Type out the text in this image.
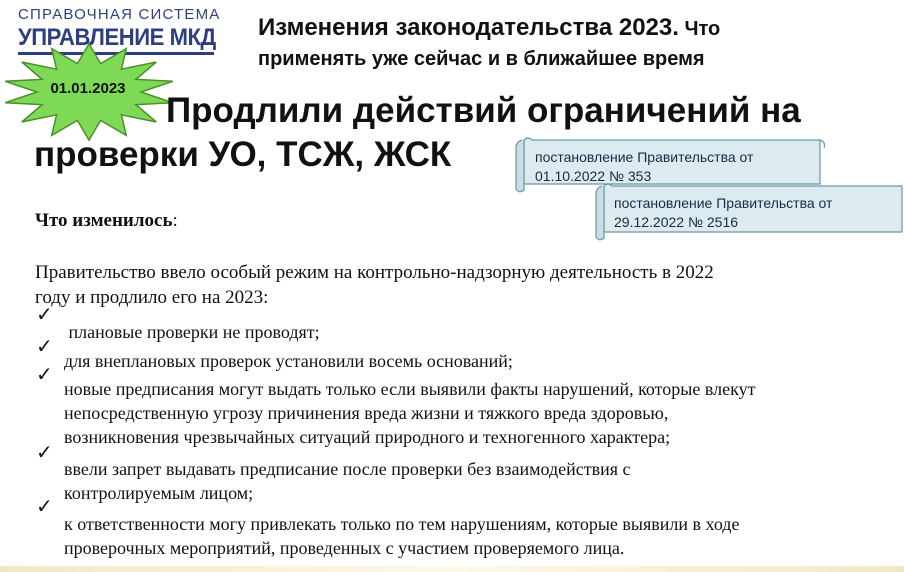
СПРАВОЧНАЯ СИСТЕМА
УПРАВЛЕНИЕ МКД Изменения законодательства 2023. Что
применять уже сейчас и в ближайшее время
01.01.2023
Продлили действий ограничений на
проверки УО, ТСЖ, ЖСК	постановление Правительства от
01.10.2022 № 353
постановление Правительства от
29.12.2022 № 2516
Что изменилось:
Правительство ввело особый режим на контрольно-надзорную деятельность в 2022
году и продлило его на 2023:
✓
✓
✓
✓
✓
плановые проверки не проводят;
для внеплановых проверок установили восемь оснований;
новые предписания могут выдать только если выявили факты нарушений, которые влекут
непосредственную угрозу причинения вреда жизни и тяжкого вреда здоровью,
возникновения чрезвычайных ситуаций природного и техногенного характера;
ввели запрет выдавать предписание после проверки без взаимодействия с
контролируемым лицом;
к ответственности могу привлекать только по тем нарушениям, которые выявили в ходе
проверочных мероприятий, проведенных с участием проверяемого лица.
